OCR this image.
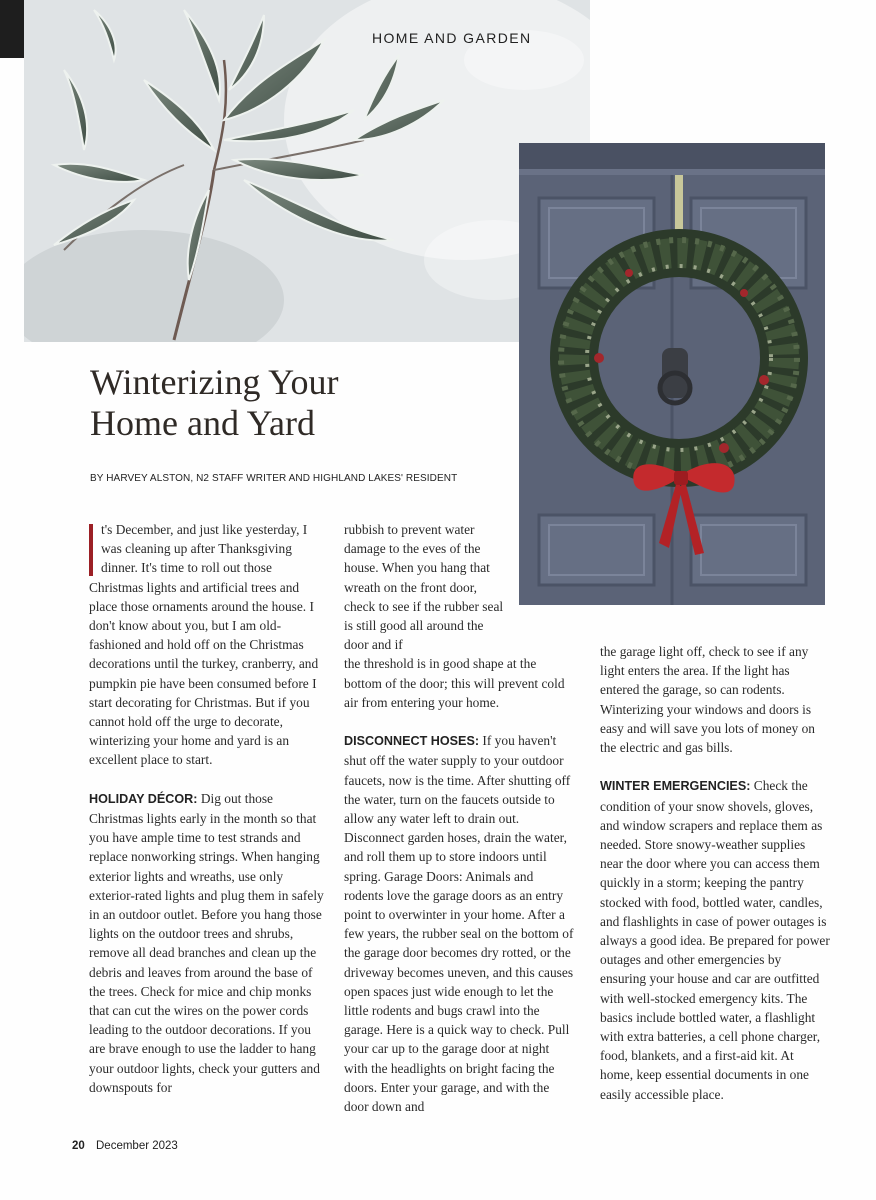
HOME AND GARDEN
Winterizing Your
Home and Yard
BY HARVEY ALSTON, N2 STAFF WRITER AND HIGHLAND LAKES' RESIDENT

t's December, and just like yesterday, I was cleaning up after Thanksgiving dinner. It's time to roll out those Christmas lights and artificial trees and place those ornaments around the house. I don't know about you, but I am old-fashioned and hold off on the Christmas decorations until the turkey, cranberry, and pumpkin pie have been consumed before I start decorating for Christmas. But if you cannot hold off the urge to decorate, winterizing your home and yard is an excellent place to start.

HOLIDAY DÉCOR: Dig out those Christmas lights early in the month so that you have ample time to test strands and replace nonworking strings. When hanging exterior lights and wreaths, use only exterior-rated lights and plug them in safely in an outdoor outlet. Before you hang those lights on the outdoor trees and shrubs, remove all dead branches and clean up the debris and leaves from around the base of the trees. Check for mice and chip monks that can cut the wires on the power cords leading to the outdoor decorations. If you are brave enough to use the ladder to hang your outdoor lights, check your gutters and downspouts for

rubbish to prevent water damage to the eves of the house. When you hang that wreath on the front door, check to see if the rubber seal is still good all around the door and if
the threshold is in good shape at the bottom of the door; this will prevent cold air from entering your home.

DISCONNECT HOSES: If you haven't shut off the water supply to your outdoor faucets, now is the time. After shutting off the water, turn on the faucets outside to allow any water left to drain out. Disconnect garden hoses, drain the water, and roll them up to store indoors until spring. Garage Doors: Animals and rodents love the garage doors as an entry point to overwinter in your home. After a few years, the rubber seal on the bottom of the garage door becomes dry rotted, or the driveway becomes uneven, and this causes open spaces just wide enough to let the little rodents and bugs crawl into the garage. Here is a quick way to check. Pull your car up to the garage door at night with the headlights on bright facing the doors. Enter your garage, and with the door down and

the garage light off, check to see if any light enters the area. If the light has entered the garage, so can rodents. Winterizing your windows and doors is easy and will save you lots of money on the electric and gas bills.

WINTER EMERGENCIES: Check the condition of your snow shovels, gloves, and window scrapers and replace them as needed. Store snowy-weather supplies near the door where you can access them quickly in a storm; keeping the pantry stocked with food, bottled water, candles, and flashlights in case of power outages is always a good idea. Be prepared for power outages and other emergencies by ensuring your house and car are outfitted with well-stocked emergency kits. The basics include bottled water, a flashlight with extra batteries, a cell phone charger, food, blankets, and a first-aid kit. At home, keep essential documents in one easily accessible place.

20 December 2023
